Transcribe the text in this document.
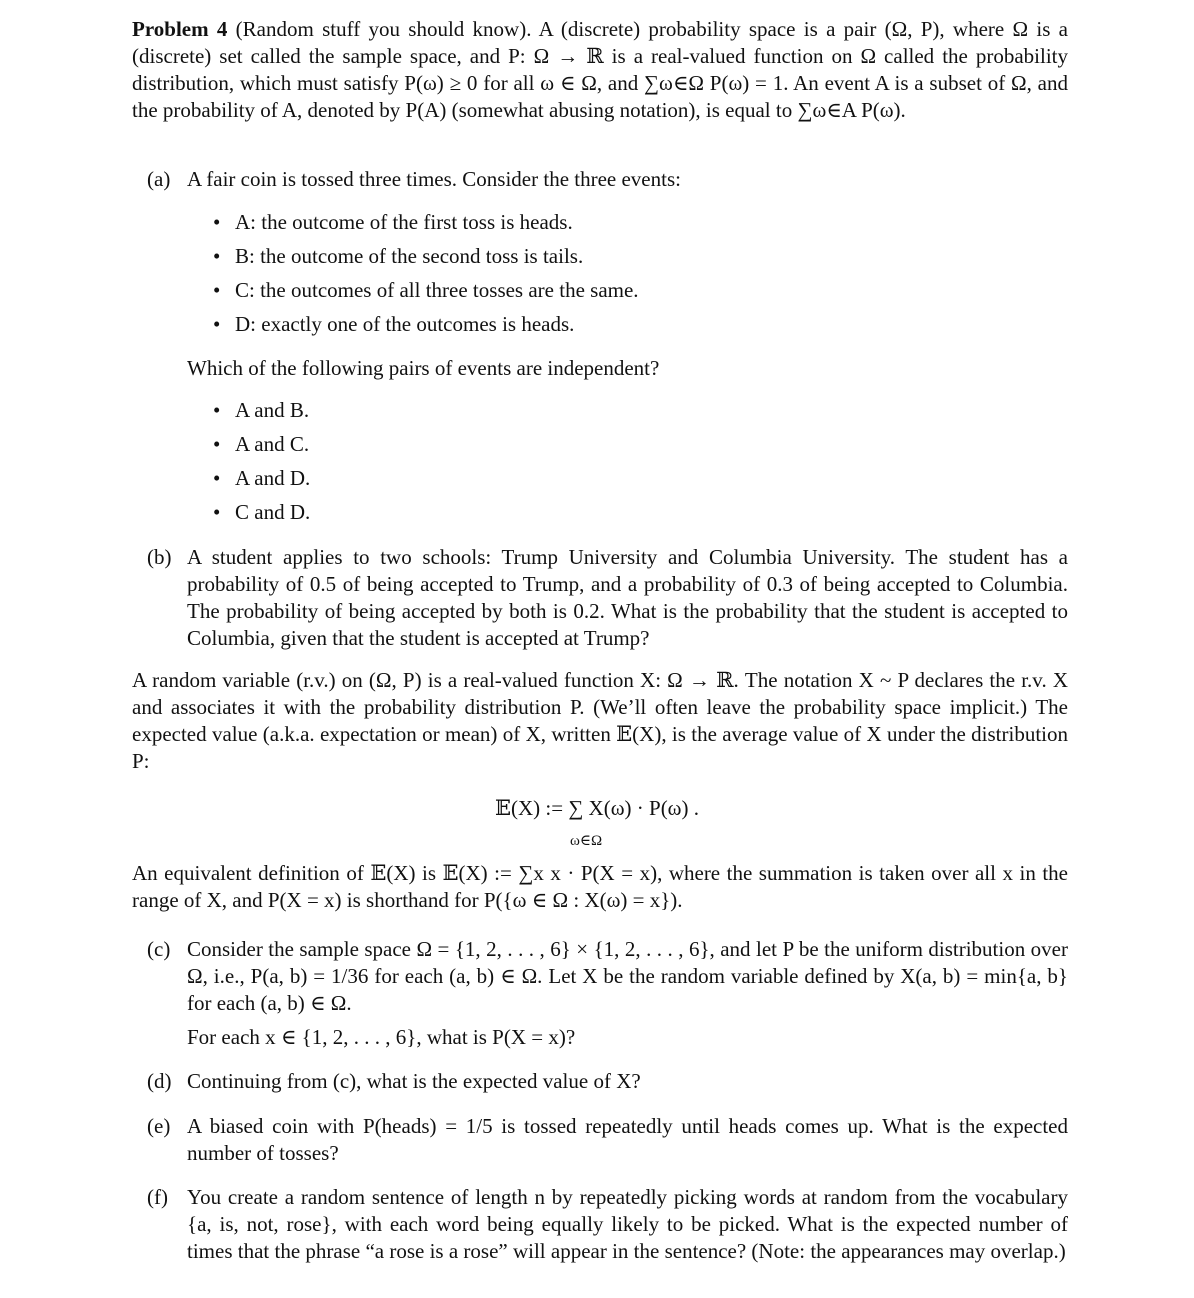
Problem 4 (Random stuff you should know). A (discrete) probability space is a pair (Ω, P), where Ω is a (discrete) set called the sample space, and P: Ω → ℝ is a real-valued function on Ω called the probability distribution, which must satisfy P(ω) ≥ 0 for all ω ∈ Ω, and ∑ω∈Ω P(ω) = 1. An event A is a subset of Ω, and the probability of A, denoted by P(A) (somewhat abusing notation), is equal to ∑ω∈A P(ω).
(a) A fair coin is tossed three times. Consider the three events:
• A: the outcome of the first toss is heads.
• B: the outcome of the second toss is tails.
• C: the outcomes of all three tosses are the same.
• D: exactly one of the outcomes is heads.
Which of the following pairs of events are independent?
• A and B.
• A and C.
• A and D.
• C and D.
(b) A student applies to two schools: Trump University and Columbia University. The student has a probability of 0.5 of being accepted to Trump, and a probability of 0.3 of being accepted to Columbia. The probability of being accepted by both is 0.2. What is the probability that the student is accepted to Columbia, given that the student is accepted at Trump?
A random variable (r.v.) on (Ω, P) is a real-valued function X: Ω → ℝ. The notation X ~ P declares the r.v. X and associates it with the probability distribution P. (We’ll often leave the probability space implicit.) The expected value (a.k.a. expectation or mean) of X, written 𝔼(X), is the average value of X under the distribution P:
𝔼(X) := ∑ X(ω) · P(ω) .
ω∈Ω
An equivalent definition of 𝔼(X) is 𝔼(X) := ∑x x · P(X = x), where the summation is taken over all x in the range of X, and P(X = x) is shorthand for P({ω ∈ Ω : X(ω) = x}).
(c) Consider the sample space Ω = {1, 2, . . . , 6} × {1, 2, . . . , 6}, and let P be the uniform distribution over Ω, i.e., P(a, b) = 1/36 for each (a, b) ∈ Ω. Let X be the random variable defined by X(a, b) = min{a, b} for each (a, b) ∈ Ω.
For each x ∈ {1, 2, . . . , 6}, what is P(X = x)?
(d) Continuing from (c), what is the expected value of X?
(e) A biased coin with P(heads) = 1/5 is tossed repeatedly until heads comes up. What is the expected number of tosses?
(f) You create a random sentence of length n by repeatedly picking words at random from the vocabulary {a, is, not, rose}, with each word being equally likely to be picked. What is the expected number of times that the phrase “a rose is a rose” will appear in the sentence? (Note: the appearances may overlap.)
